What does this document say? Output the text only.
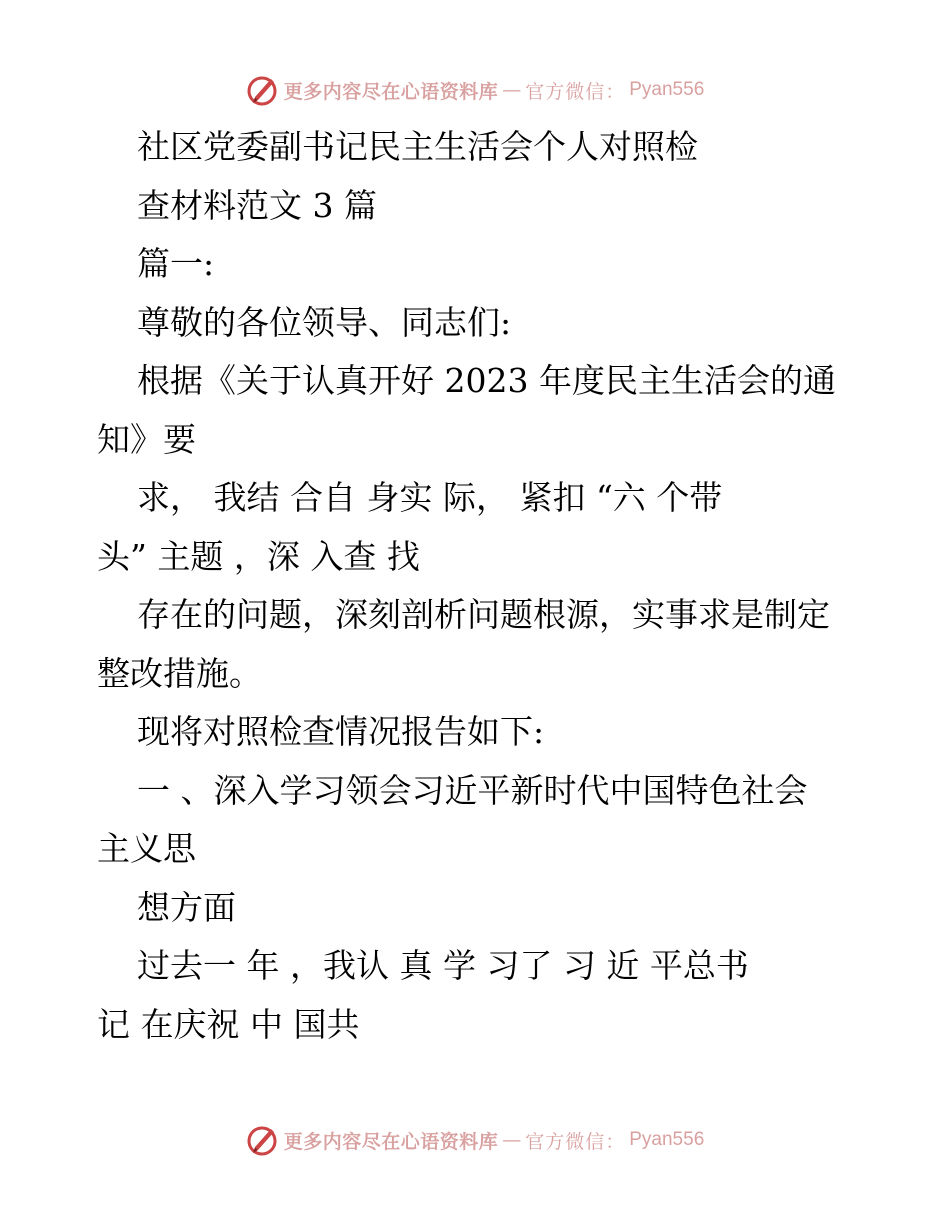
更多内容尽在心语资料库 — 官方微信： Pyan556
社区党委副书记民主生活会个人对照检
查材料范文 3 篇
篇一:
尊敬的各位领导、同志们:
根据《关于认真开好 2023 年度民主生活会的通
知》要
求， 我结 合自 身实 际， 紧扣 “六 个带
头” 主题 ，深 入查 找
存在的问题，深刻剖析问题根源，实事求是制定
整改措施。
现将对照检查情况报告如下:
一 、深入学习领会习近平新时代中国特色社会
主义思
想方面
过去一 年 ，我认 真 学 习了 习 近 平总书
记 在庆祝 中 国共
更多内容尽在心语资料库 — 官方微信： Pyan556
